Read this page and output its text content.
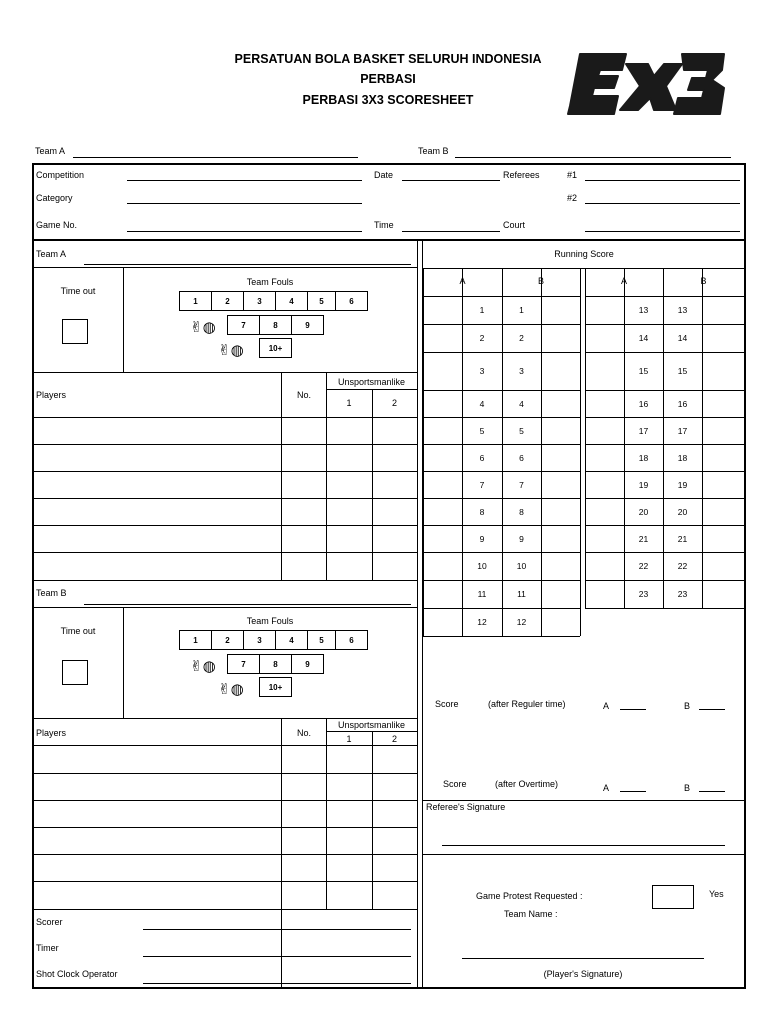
PERSATUAN BOLA BASKET SELURUH INDONESIA
PERBASI
PERBASI 3X3 SCORESHEET
Team A	Team B
Competition
Category
Game No.
Date
Time
Referees	#1
#2
Court
Team A
Time out
Team Fouls
1	2	3	4	5	6
✌◍	7	8	9
✌◍	10+
Players	No.
Unsportsmanlike
1	2
Team B
Time out
Team Fouls
1	2	3	4	5	6
✌◍	7	8	9
✌◍	10+
Players	No.
Unsportsmanlike
1	2
Scorer
Timer
Shot Clock Operator
Running Score
A	B	A	B
1	1
2	2
3	3
4	4
5	5
6	6
7	7
8	8
9	9
10	10
11	11
12	12
13	13
14	14
15	15
16	16
17	17
18	18
19	19
20	20
21	21
22	22
23	23
Score	(after Reguler time)	A	B
Score	(after Overtime)	A	B
Referee's Signature
Game Protest Requested :	Yes
Team Name :
(Player's Signature)
